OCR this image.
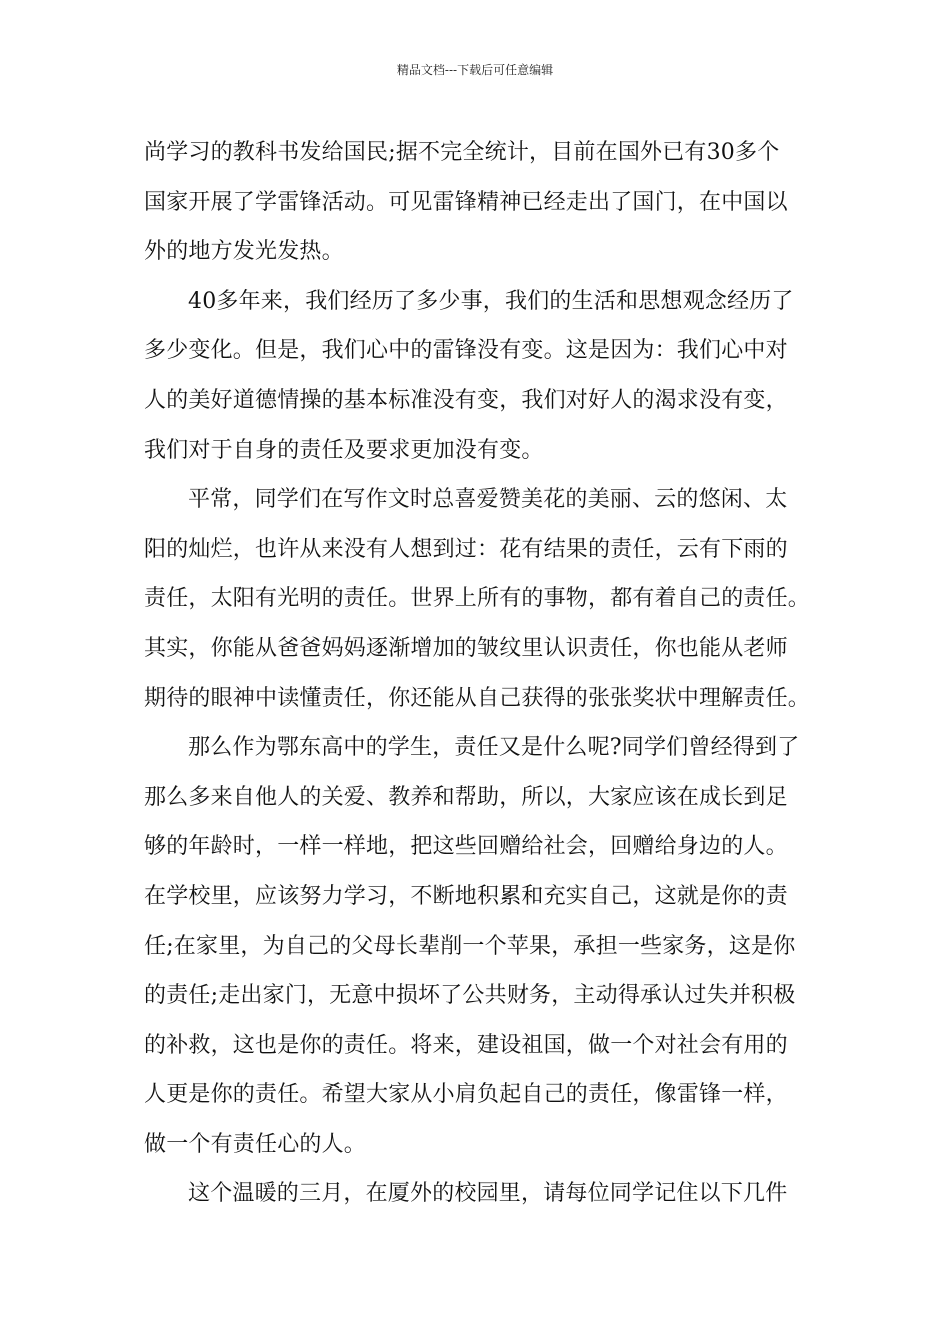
精品文档---下载后可任意编辑
尚学习的教科书发给国民;据不完全统计，目前在国外已有30多个
国家开展了学雷锋活动。可见雷锋精神已经走出了国门，在中国以
外的地方发光发热。
40多年来，我们经历了多少事，我们的生活和思想观念经历了
多少变化。但是，我们心中的雷锋没有变。这是因为：我们心中对
人的美好道德情操的基本标准没有变，我们对好人的渴求没有变，
我们对于自身的责任及要求更加没有变。
平常，同学们在写作文时总喜爱赞美花的美丽、云的悠闲、太
阳的灿烂，也许从来没有人想到过：花有结果的责任，云有下雨的
责任，太阳有光明的责任。世界上所有的事物，都有着自己的责任。
其实，你能从爸爸妈妈逐渐增加的皱纹里认识责任，你也能从老师
期待的眼神中读懂责任，你还能从自己获得的张张奖状中理解责任。
那么作为鄂东高中的学生，责任又是什么呢?同学们曾经得到了
那么多来自他人的关爱、教养和帮助，所以，大家应该在成长到足
够的年龄时，一样一样地，把这些回赠给社会，回赠给身边的人。
在学校里，应该努力学习，不断地积累和充实自己，这就是你的责
任;在家里，为自己的父母长辈削一个苹果，承担一些家务，这是你
的责任;走出家门，无意中损坏了公共财务，主动得承认过失并积极
的补救，这也是你的责任。将来，建设祖国，做一个对社会有用的
人更是你的责任。希望大家从小肩负起自己的责任，像雷锋一样，
做一个有责任心的人。
这个温暖的三月，在厦外的校园里，请每位同学记住以下几件
